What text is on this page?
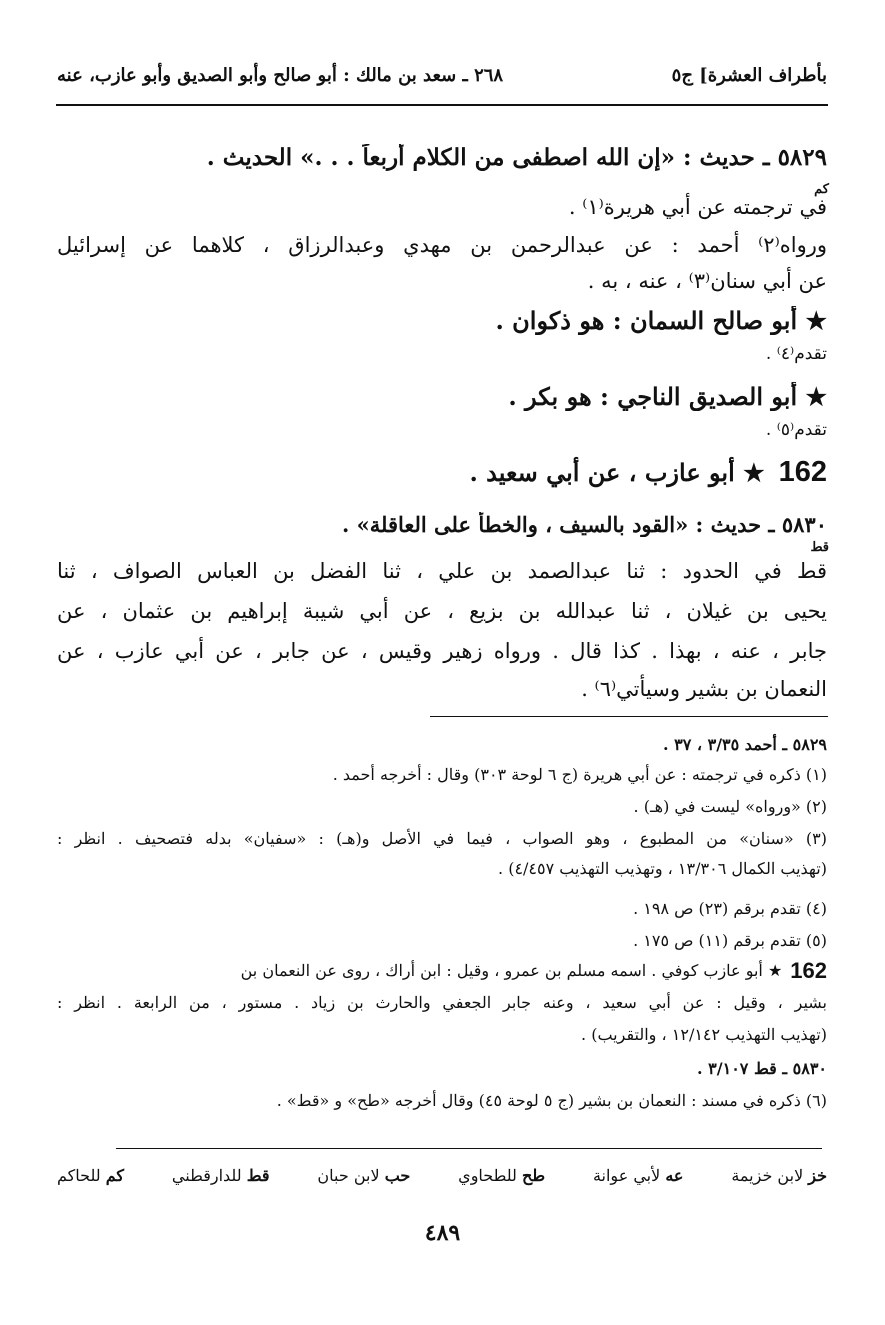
بأطراف العشرة] ج٥
٢٦٨ ـ سعد بن مالك : أبو صالح وأبو الصديق وأبو عازب، عنه
٥٨٢٩ ـ حديث : «إن الله اصطفى من الكلام أربعاً . . .» الحديث .
كم
في ترجمته عن أبي هريرة⁽١⁾ .
ورواه⁽٢⁾ أحمد : عن عبدالرحمن بن مهدي وعبدالرزاق ، كلاهما عن إسرائيل
عن أبي سنان⁽٣⁾ ، عنه ، به .
★ أبو صالح السمان : هو ذكوان .
تقدم⁽٤⁾ .
★ أبو الصديق الناجي : هو بكر .
تقدم⁽٥⁾ .
162
★ أبو عازب ، عن أبي سعيد .
٥٨٣٠ ـ حديث : «القود بالسيف ، والخطأ على العاقلة» .
قط
قط في الحدود : ثنا عبدالصمد بن علي ، ثنا الفضل بن العباس الصواف ، ثنا
يحيى بن غيلان ، ثنا عبدالله بن بزيع ، عن أبي شيبة إبراهيم بن عثمان ، عن
جابر ، عنه ، بهذا . كذا قال . ورواه زهير وقيس ، عن جابر ، عن أبي عازب ، عن
النعمان بن بشير وسيأتي⁽٦⁾ .
٥٨٢٩ ـ أحمد ٣/٣٥ ، ٣٧ .
(١) ذكره في ترجمته : عن أبي هريرة (ج ٦ لوحة ٣٠٣) وقال : أخرجه أحمد .
(٢) «ورواه» ليست في (هـ) .
(٣) «سنان» من المطبوع ، وهو الصواب ، فيما في الأصل و(هـ) : «سفيان» بدله فتصحيف . انظر :
(تهذيب الكمال ١٣/٣٠٦ ، وتهذيب التهذيب ٤/٤٥٧) .
(٤) تقدم برقم (٢٣) ص ١٩٨ .
(٥) تقدم برقم (١١) ص ١٧٥ .
162
★ أبو عازب كوفي . اسمه مسلم بن عمرو ، وقيل : ابن أراك ، روى عن النعمان بن
بشير ، وقيل : عن أبي سعيد ، وعنه جابر الجعفي والحارث بن زياد . مستور ، من الرابعة . انظر :
(تهذيب التهذيب ١٢/١٤٢ ، والتقريب) .
٥٨٣٠ ـ قط ٣/١٠٧ .
(٦) ذكره في مسند : النعمان بن بشير (ج ٥ لوحة ٤٥) وقال أخرجه «طح» و «قط» .
خز لابن خزيمة
عه لأبي عوانة
طح للطحاوي
حب لابن حبان
قط للدارقطني
كم للحاكم
٤٨٩
